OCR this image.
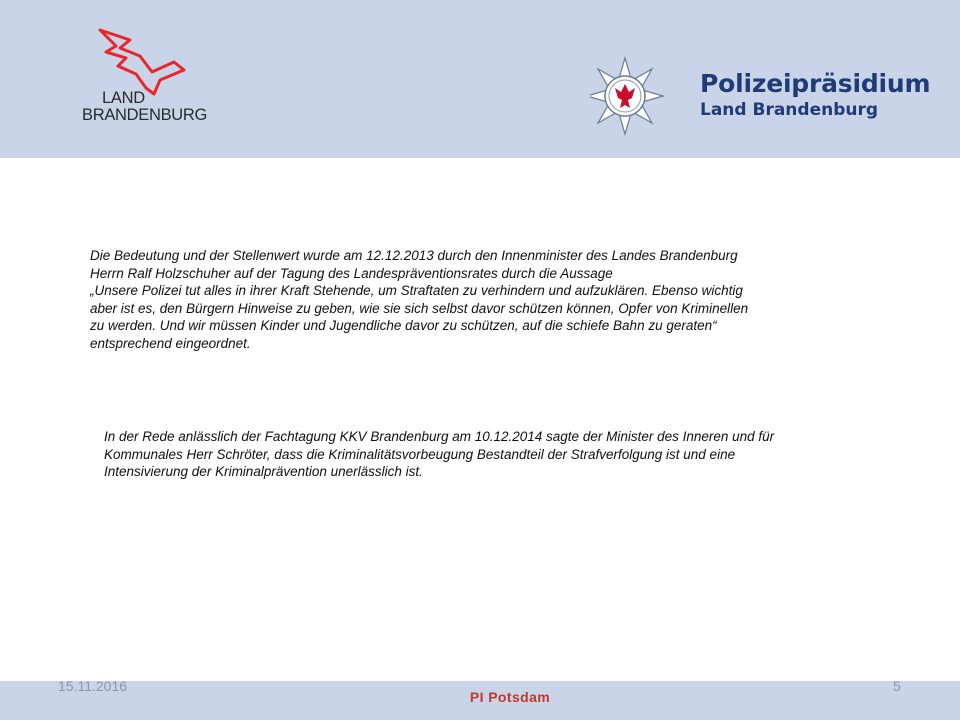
LAND
BRANDENBURG
Polizeipräsidium
Land Brandenburg
Die Bedeutung und der Stellenwert wurde am 12.12.2013 durch den Innenminister des Landes Brandenburg
Herrn Ralf Holzschuher auf der Tagung des Landespräventionsrates durch die Aussage
„Unsere Polizei tut alles in ihrer Kraft Stehende, um Straftaten zu verhindern und aufzuklären. Ebenso wichtig
aber ist es, den Bürgern Hinweise zu geben, wie sie sich selbst davor schützen können, Opfer von Kriminellen
zu werden. Und wir müssen Kinder und Jugendliche davor zu schützen, auf die schiefe Bahn zu geraten“
entsprechend eingeordnet.
In der Rede anlässlich der Fachtagung KKV Brandenburg am 10.12.2014 sagte der Minister des Inneren und für
Kommunales Herr Schröter, dass die Kriminalitätsvorbeugung Bestandteil der Strafverfolgung ist und eine
Intensivierung der Kriminalprävention unerlässlich ist.
15.11.2016	5
PI Potsdam
